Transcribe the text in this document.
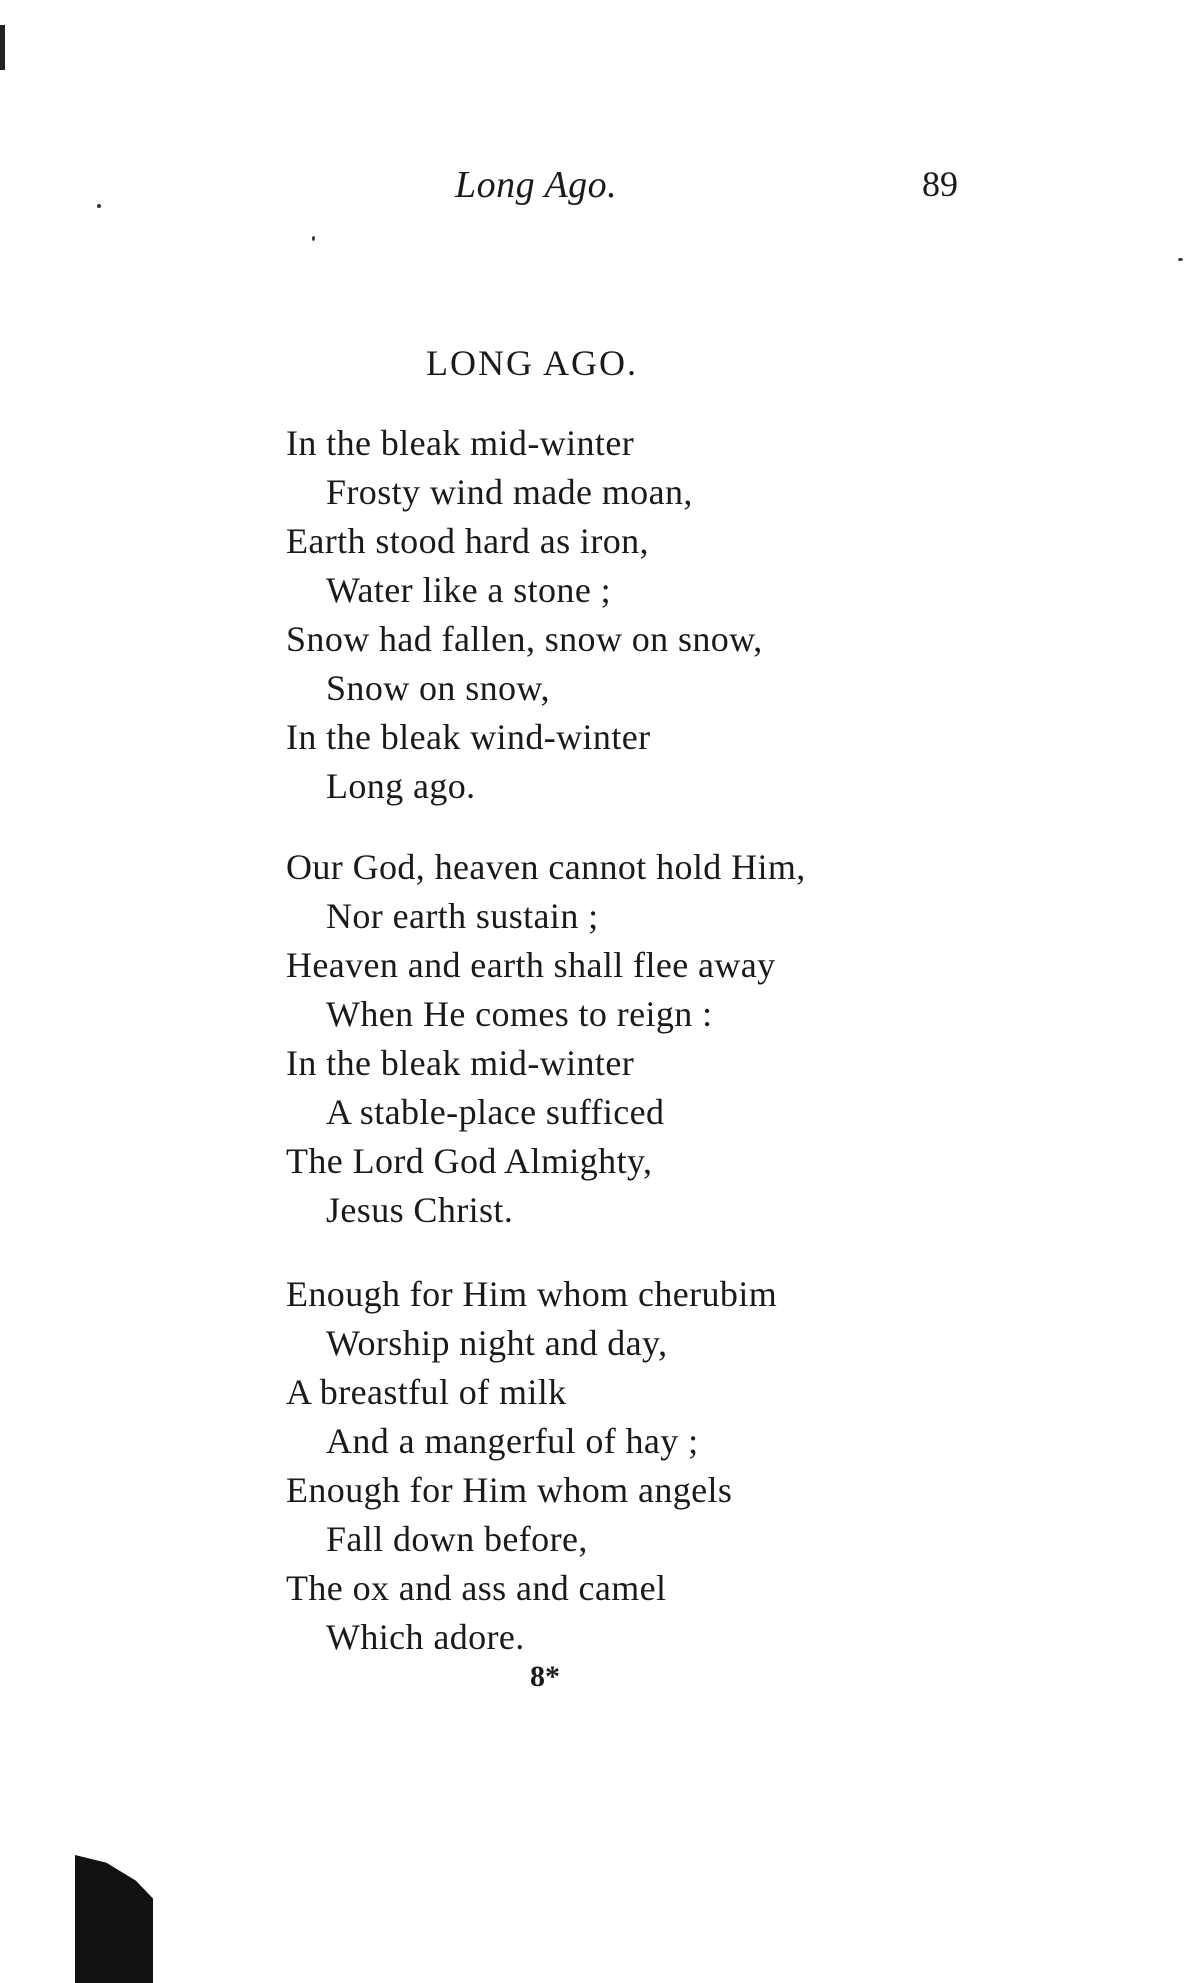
Long Ago.	89
LONG AGO.
In the bleak mid-winter
Frosty wind made moan,
Earth stood hard as iron,
Water like a stone ;
Snow had fallen, snow on snow,
Snow on snow,
In the bleak wind-winter
Long ago.
Our God, heaven cannot hold Him,
Nor earth sustain ;
Heaven and earth shall flee away
When He comes to reign :
In the bleak mid-winter
A stable-place sufficed
The Lord God Almighty,
Jesus Christ.
Enough for Him whom cherubim
Worship night and day,
A breastful of milk
And a mangerful of hay ;
Enough for Him whom angels
Fall down before,
The ox and ass and camel
Which adore.
8*
